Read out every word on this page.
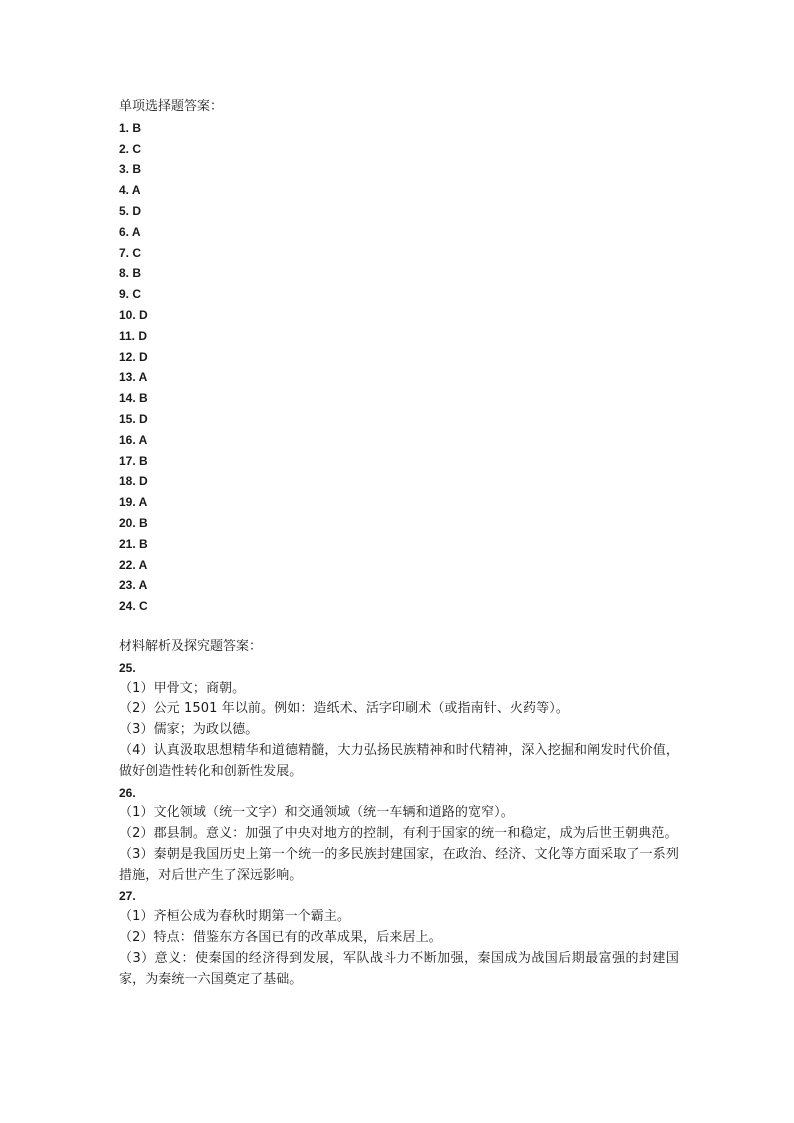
单项选择题答案：

1. B
2. C
3. B
4. A
5. D
6. A
7. C
8. B
9. C
10. D
11. D
12. D
13. A
14. B
15. D
16. A
17. B
18. D
19. A
20. B
21. B
22. A
23. A
24. C

材料解析及探究题答案：

25.

（1）甲骨文；商朝。

（2）公元 1501 年以前。例如：造纸术、活字印刷术（或指南针、火药等）。

（3）儒家；为政以德。

（4）认真汲取思想精华和道德精髓，大力弘扬民族精神和时代精神，深入挖掘和阐发时代价值，做好创造性转化和创新性发展。

26.

（1）文化领域（统一文字）和交通领域（统一车辆和道路的宽窄）。

（2）郡县制。意义：加强了中央对地方的控制，有利于国家的统一和稳定，成为后世王朝典范。

（3）秦朝是我国历史上第一个统一的多民族封建国家，在政治、经济、文化等方面采取了一系列措施，对后世产生了深远影响。

27.

（1）齐桓公成为春秋时期第一个霸主。

（2）特点：借鉴东方各国已有的改革成果，后来居上。

（3）意义：使秦国的经济得到发展，军队战斗力不断加强，秦国成为战国后期最富强的封建国家，为秦统一六国奠定了基础。
